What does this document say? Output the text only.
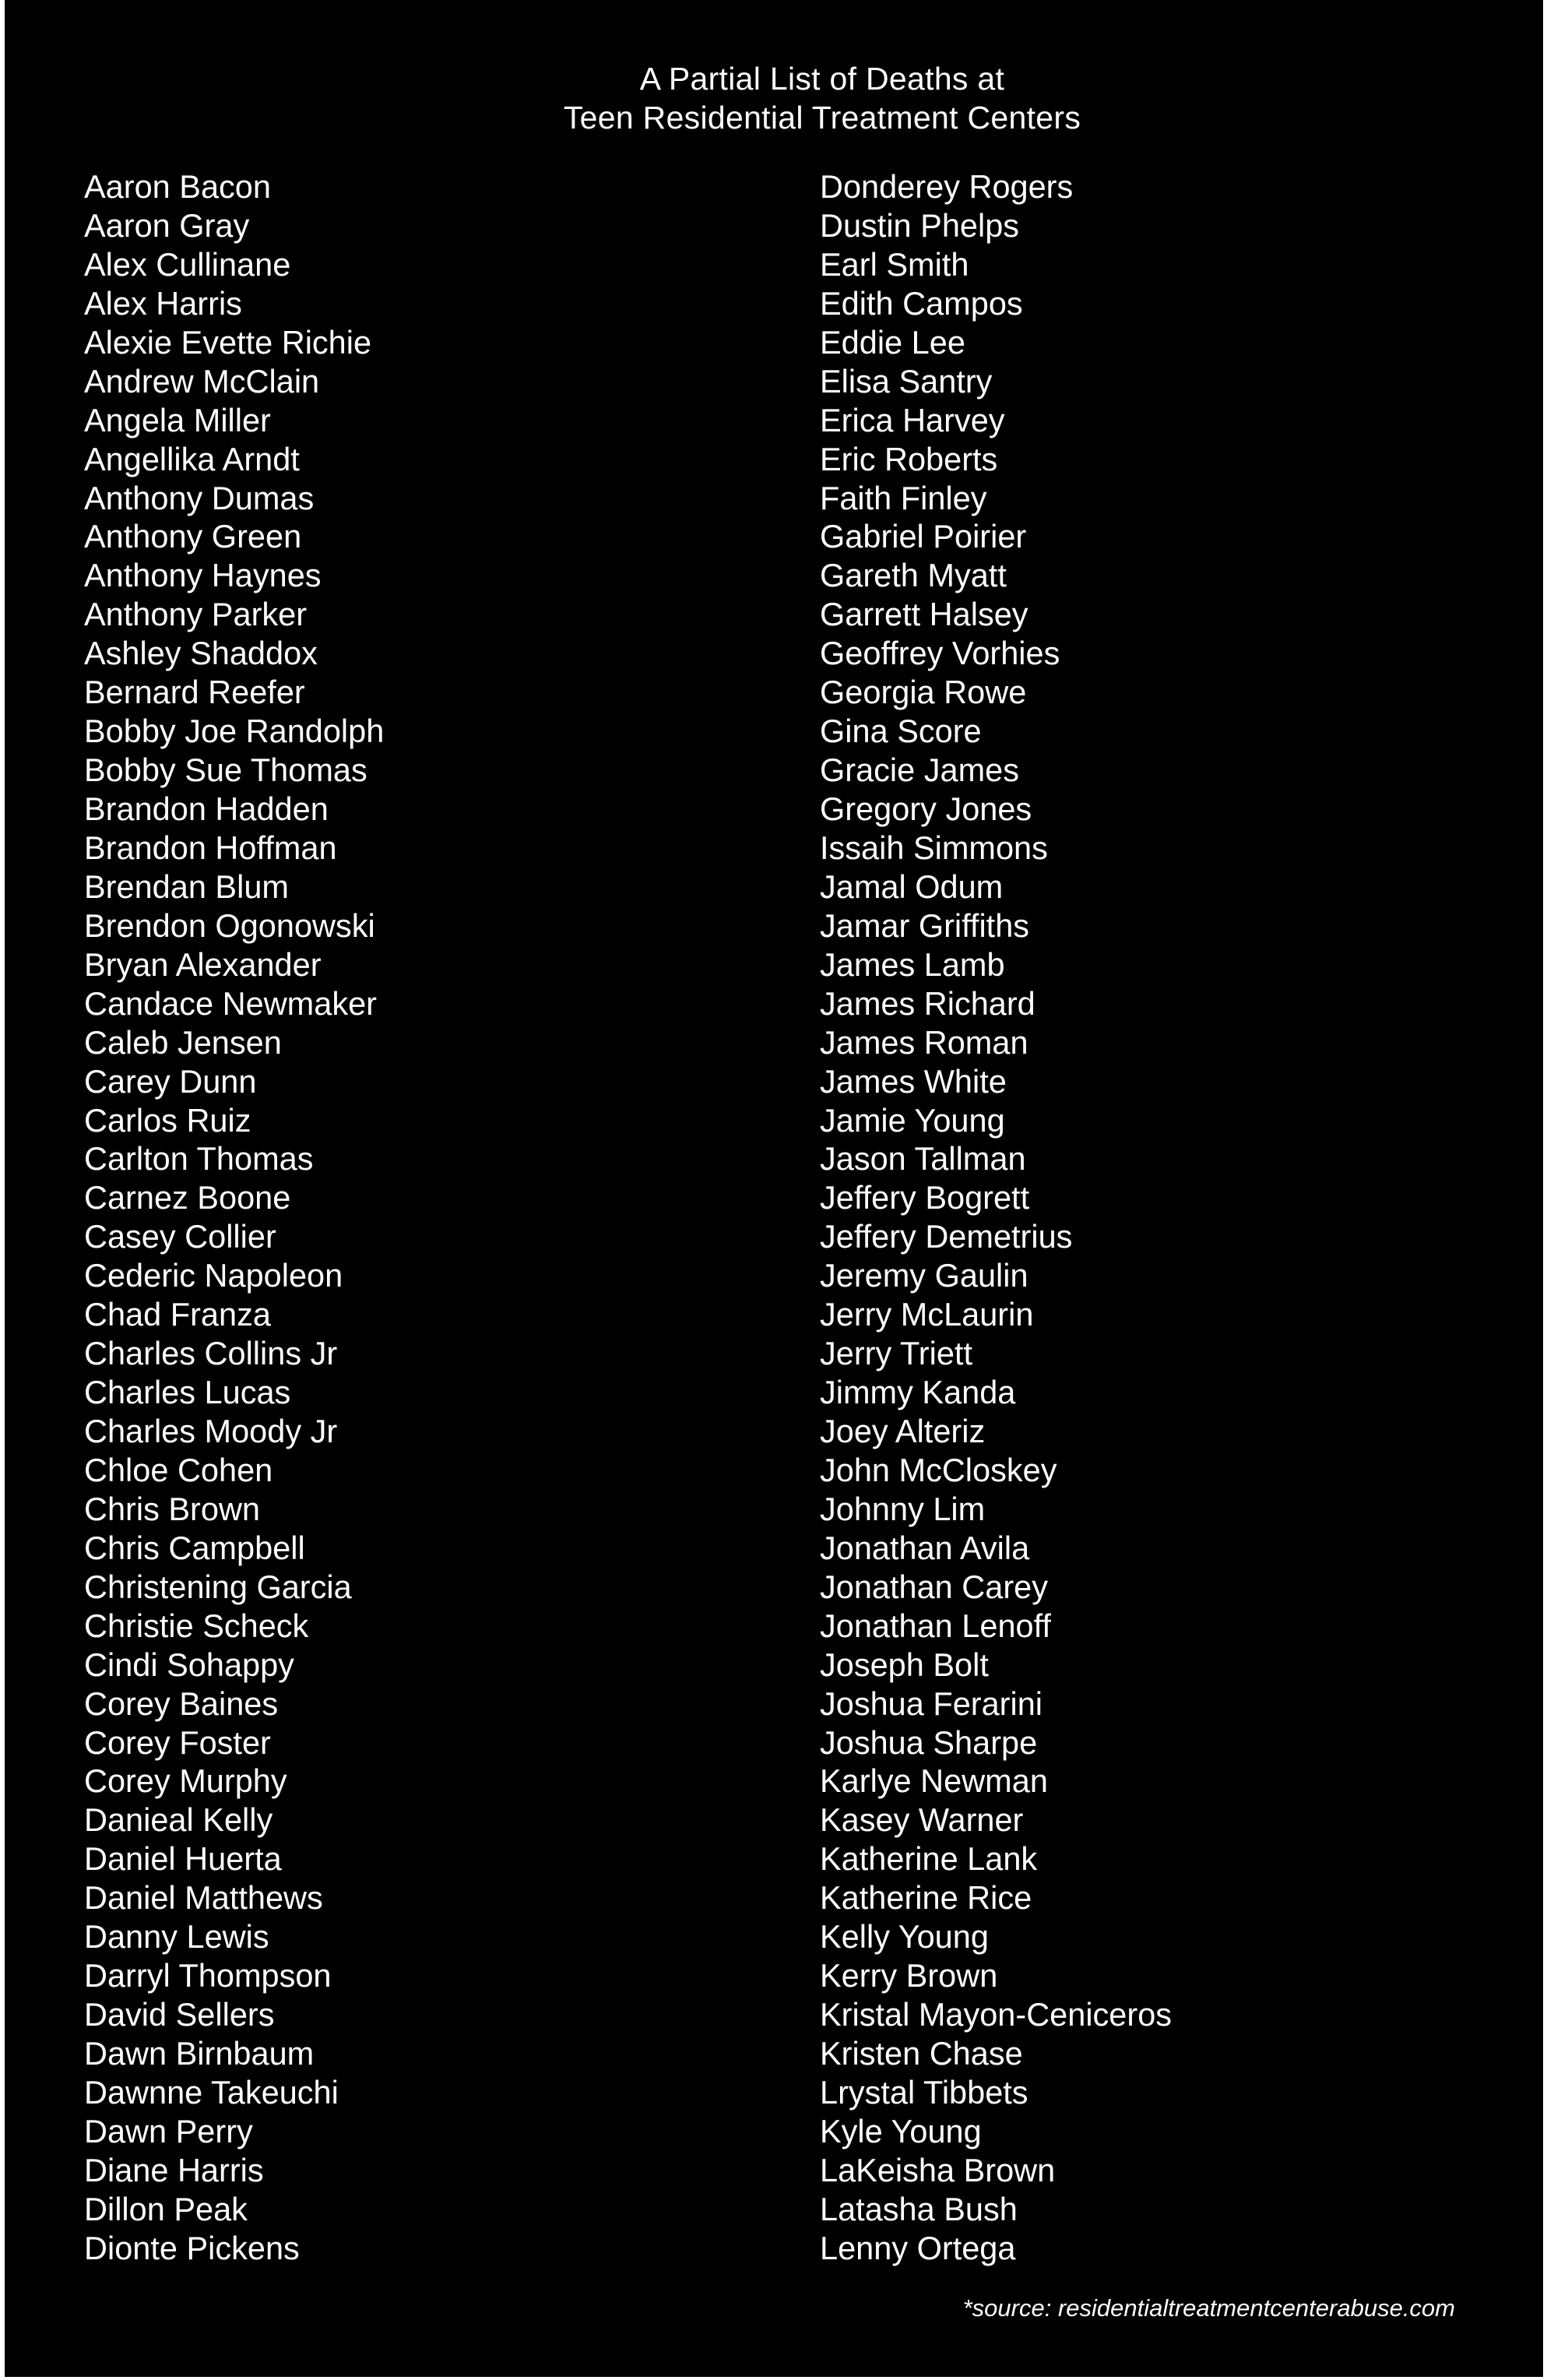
A Partial List of Deaths at
Teen Residential Treatment Centers
Aaron Bacon
Aaron Gray
Alex Cullinane
Alex Harris
Alexie Evette Richie
Andrew McClain
Angela Miller
Angellika Arndt
Anthony Dumas
Anthony Green
Anthony Haynes
Anthony Parker
Ashley Shaddox
Bernard Reefer
Bobby Joe Randolph
Bobby Sue Thomas
Brandon Hadden
Brandon Hoffman
Brendan Blum
Brendon Ogonowski
Bryan Alexander
Candace Newmaker
Caleb Jensen
Carey Dunn
Carlos Ruiz
Carlton Thomas
Carnez Boone
Casey Collier
Cederic Napoleon
Chad Franza
Charles Collins Jr
Charles Lucas
Charles Moody Jr
Chloe Cohen
Chris Brown
Chris Campbell
Christening Garcia
Christie Scheck
Cindi Sohappy
Corey Baines
Corey Foster
Corey Murphy
Danieal Kelly
Daniel Huerta
Daniel Matthews
Danny Lewis
Darryl Thompson
David Sellers
Dawn Birnbaum
Dawnne Takeuchi
Dawn Perry
Diane Harris
Dillon Peak
Dionte Pickens
Donderey Rogers
Dustin Phelps
Earl Smith
Edith Campos
Eddie Lee
Elisa Santry
Erica Harvey
Eric Roberts
Faith Finley
Gabriel Poirier
Gareth Myatt
Garrett Halsey
Geoffrey Vorhies
Georgia Rowe
Gina Score
Gracie James
Gregory Jones
Issaih Simmons
Jamal Odum
Jamar Griffiths
James Lamb
James Richard
James Roman
James White
Jamie Young
Jason Tallman
Jeffery Bogrett
Jeffery Demetrius
Jeremy Gaulin
Jerry McLaurin
Jerry Triett
Jimmy Kanda
Joey Alteriz
John McCloskey
Johnny Lim
Jonathan Avila
Jonathan Carey
Jonathan Lenoff
Joseph Bolt
Joshua Ferarini
Joshua Sharpe
Karlye Newman
Kasey Warner
Katherine Lank
Katherine Rice
Kelly Young
Kerry Brown
Kristal Mayon-Ceniceros
Kristen Chase
Lrystal Tibbets
Kyle Young
LaKeisha Brown
Latasha Bush
Lenny Ortega
*source: residentialtreatmentcenterabuse.com
